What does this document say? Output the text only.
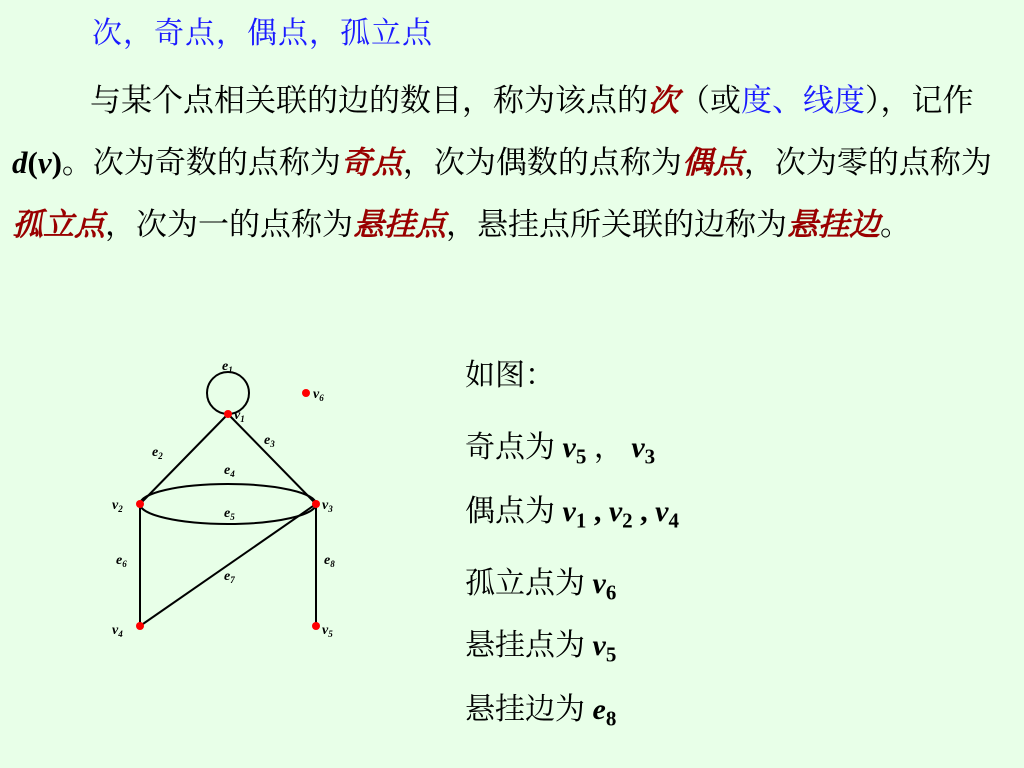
次，奇点，偶点，孤立点
与某个点相关联的边的数目，称为该点的次（或度、线度），记作 d(v)。次为奇数的点称为奇点，次为偶数的点称为偶点，次为零的点称为孤立点，次为一的点称为悬挂点，悬挂点所关联的边称为悬挂边。
$e_1$
$v_1$
$v_6$
$e_2$
$e_3$
$e_4$
$v_2$	$v_3$
$e_5$
$e_6$
$e_7$
$e_8$
$v_4$	$v_5$
如图：
奇点为 $v_5$ ， $v_3$
偶点为 $v_1$ , $v_2$ , $v_4$
孤立点为 $v_6$
悬挂点为 $v_5$
悬挂边为 $e_8$
